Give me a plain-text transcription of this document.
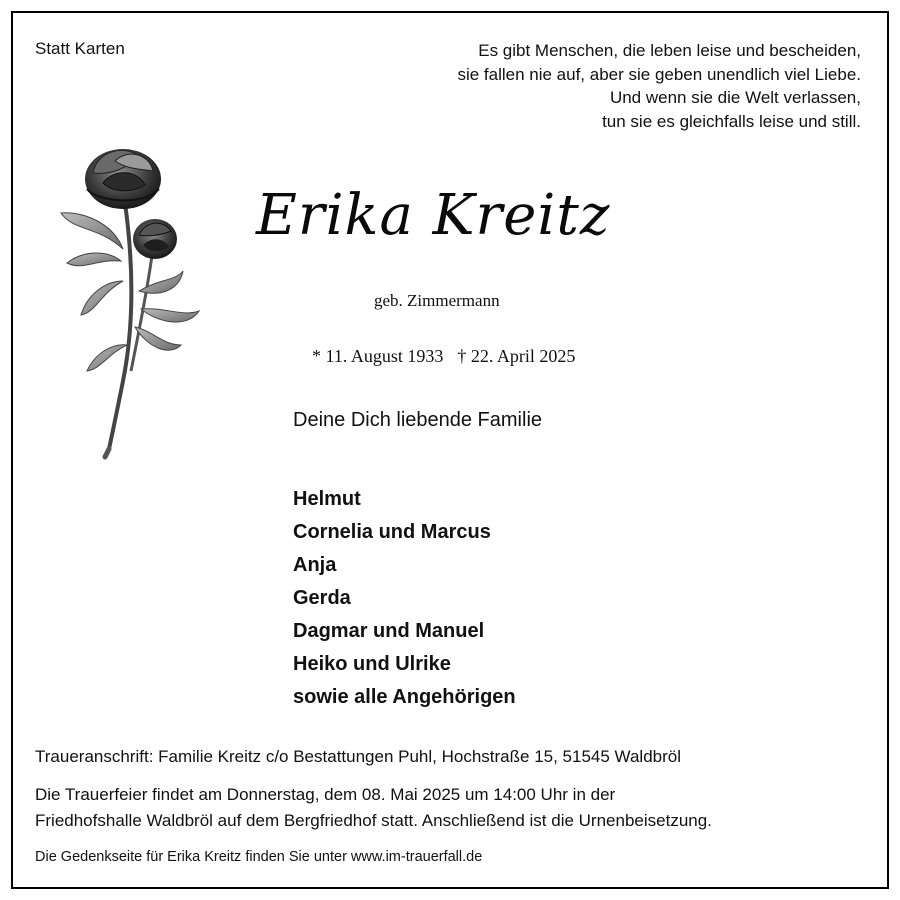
Statt Karten	Es gibt Menschen, die leben leise und bescheiden,
sie fallen nie auf, aber sie geben unendlich viel Liebe.
Und wenn sie die Welt verlassen,
tun sie es gleichfalls leise und still.
Erika Kreitz
geb. Zimmermann
* 11. August 1933 † 22. April 2025
Deine Dich liebende Familie
Helmut
Cornelia und Marcus
Anja
Gerda
Dagmar und Manuel
Heiko und Ulrike
sowie alle Angehörigen
Traueranschrift: Familie Kreitz c/o Bestattungen Puhl, Hochstraße 15, 51545 Waldbröl
Die Trauerfeier findet am Donnerstag, dem 08. Mai 2025 um 14:00 Uhr in der
Friedhofshalle Waldbröl auf dem Bergfriedhof statt. Anschließend ist die Urnenbeisetzung.
Die Gedenkseite für Erika Kreitz finden Sie unter www.im-trauerfall.de
